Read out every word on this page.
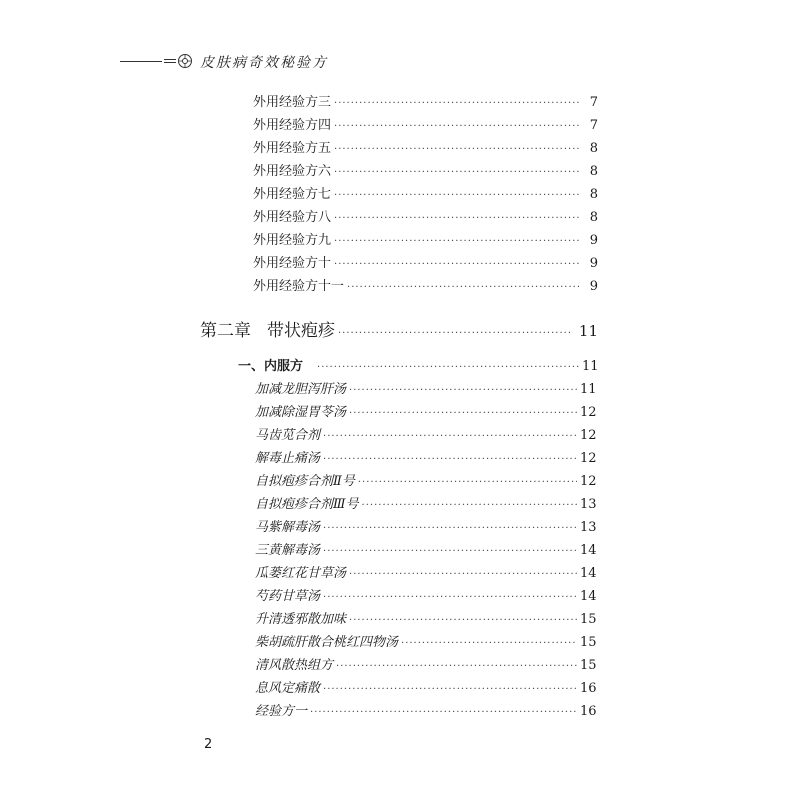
皮肤病奇效秘验方
外用经验方三 ·····	7
外用经验方四 ·····	7
外用经验方五 ·····	8
外用经验方六 ·····	8
外用经验方七 ·····	8
外用经验方八 ·····	8
外用经验方九 ·····	9
外用经验方十 ·····	9
外用经验方十一 ·····	9
第二章 带状疱疹 ·····	11
一、内服方 ·····	11
加减龙胆泻肝汤 ·····	11
加减除湿胃苓汤 ·····	12
马齿苋合剂 ·····	12
解毒止痛汤 ·····	12
自拟疱疹合剂Ⅱ号 ·····	12
自拟疱疹合剂Ⅲ号 ·····	13
马紫解毒汤 ·····	13
三黄解毒汤 ·····	14
瓜蒌红花甘草汤 ·····	14
芍药甘草汤 ·····	14
升清透邪散加味 ·····	15
柴胡疏肝散合桃红四物汤 ·····	15
清风散热组方 ·····	15
息风定痛散 ·····	16
经验方一 ·····	16
2
